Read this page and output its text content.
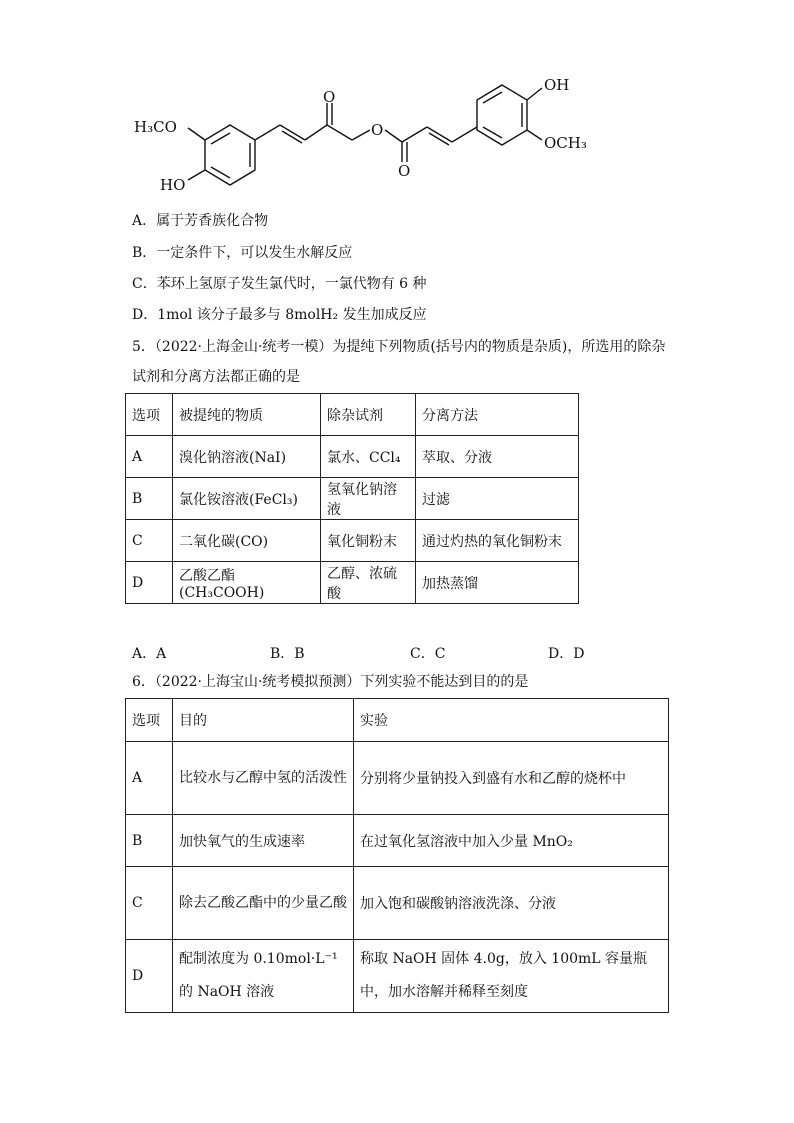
H₃CO
HO
O
O
O
OH
OCH₃
A．属于芳香族化合物
B．一定条件下，可以发生水解反应
C．苯环上氢原子发生氯代时，一氯代物有 6 种
D．1mol 该分子最多与 8molH₂ 发生加成反应
5．（2022·上海金山·统考一模）为提纯下列物质(括号内的物质是杂质)，所选用的除杂
试剂和分离方法都正确的是
选项	被提纯的物质	除杂试剂	分离方法
A	溴化钠溶液(NaI)	氯水、CCl₄	萃取、分液
B	氯化铵溶液(FeCl₃)	氢氧化钠溶液	过滤
C	二氧化碳(CO)	氧化铜粉末	通过灼热的氧化铜粉末
D	乙酸乙酯(CH₃COOH)	乙醇、浓硫酸	加热蒸馏
A．A	B．B	C．C	D．D
6．（2022·上海宝山·统考模拟预测）下列实验不能达到目的的是
选项	目的	实验
A	比较水与乙醇中氢的活泼性	分别将少量钠投入到盛有水和乙醇的烧杯中
B	加快氧气的生成速率	在过氧化氢溶液中加入少量 MnO₂
C	除去乙酸乙酯中的少量乙酸	加入饱和碳酸钠溶液洗涤、分液
D	配制浓度为 0.10mol·L⁻¹的 NaOH 溶液	称取 NaOH 固体 4.0g，放入 100mL 容量瓶中，加水溶解并稀释至刻度
